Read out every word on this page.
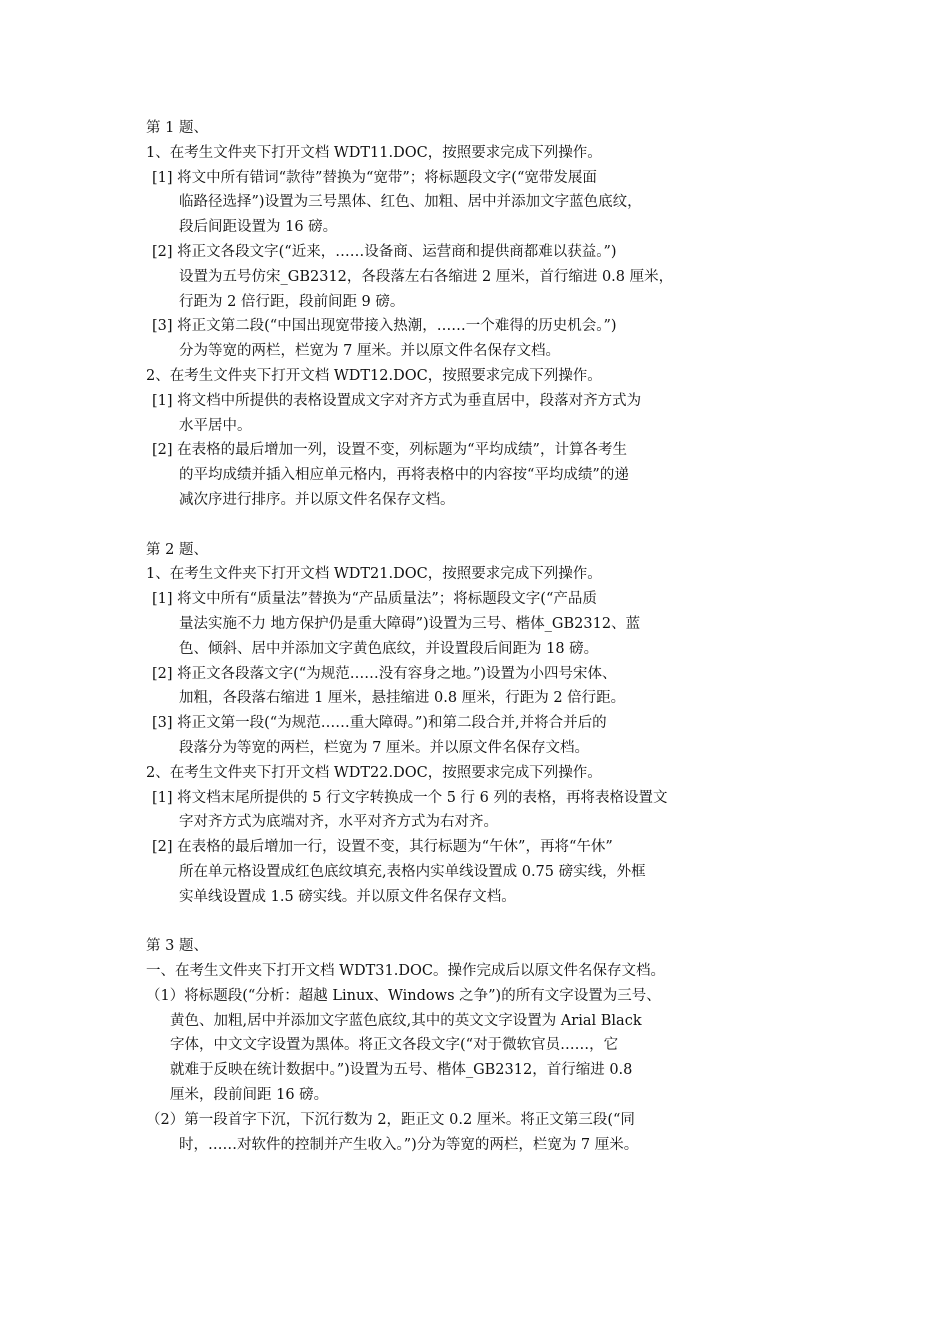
第 1 题、
1、在考生文件夹下打开文档 WDT11.DOC，按照要求完成下列操作。
[1] 将文中所有错词“款待”替换为“宽带”；将标题段文字(“宽带发展面
临路径选择”)设置为三号黑体、红色、加粗、居中并添加文字蓝色底纹，
段后间距设置为 16 磅。
[2] 将正文各段文字(“近来，……设备商、运营商和提供商都难以获益。”)
设置为五号仿宋_GB2312，各段落左右各缩进 2 厘米，首行缩进 0.8 厘米，
行距为 2 倍行距，段前间距 9 磅。
[3] 将正文第二段(“中国出现宽带接入热潮，……一个难得的历史机会。”)
分为等宽的两栏，栏宽为 7 厘米。并以原文件名保存文档。
2、在考生文件夹下打开文档 WDT12.DOC，按照要求完成下列操作。
[1] 将文档中所提供的表格设置成文字对齐方式为垂直居中，段落对齐方式为
水平居中。
[2] 在表格的最后增加一列，设置不变，列标题为“平均成绩”，计算各考生
的平均成绩并插入相应单元格内，再将表格中的内容按“平均成绩”的递
减次序进行排序。并以原文件名保存文档。
第 2 题、
1、在考生文件夹下打开文档 WDT21.DOC，按照要求完成下列操作。
[1] 将文中所有“质量法”替换为“产品质量法”；将标题段文字(“产品质
量法实施不力 地方保护仍是重大障碍”)设置为三号、楷体_GB2312、蓝
色、倾斜、居中并添加文字黄色底纹，并设置段后间距为 18 磅。
[2] 将正文各段落文字(“为规范……没有容身之地。”)设置为小四号宋体、
加粗，各段落右缩进 1 厘米，悬挂缩进 0.8 厘米，行距为 2 倍行距。
[3] 将正文第一段(“为规范……重大障碍。”)和第二段合并,并将合并后的
段落分为等宽的两栏，栏宽为 7 厘米。并以原文件名保存文档。
2、在考生文件夹下打开文档 WDT22.DOC，按照要求完成下列操作。
[1] 将文档末尾所提供的 5 行文字转换成一个 5 行 6 列的表格，再将表格设置文
字对齐方式为底端对齐，水平对齐方式为右对齐。
[2] 在表格的最后增加一行，设置不变，其行标题为“午休”，再将“午休”
所在单元格设置成红色底纹填充,表格内实单线设置成 0.75 磅实线，外框
实单线设置成 1.5 磅实线。并以原文件名保存文档。
第 3 题、
一、在考生文件夹下打开文档 WDT31.DOC。操作完成后以原文件名保存文档。
（1）将标题段(“分析：超越 Linux、Windows 之争”)的所有文字设置为三号、
黄色、加粗,居中并添加文字蓝色底纹,其中的英文文字设置为 Arial Black
字体，中文文字设置为黑体。将正文各段文字(“对于微软官员……，它
就难于反映在统计数据中。”)设置为五号、楷体_GB2312，首行缩进 0.8
厘米，段前间距 16 磅。
（2）第一段首字下沉，下沉行数为 2，距正文 0.2 厘米。将正文第三段(“同
时，……对软件的控制并产生收入。”)分为等宽的两栏，栏宽为 7 厘米。
